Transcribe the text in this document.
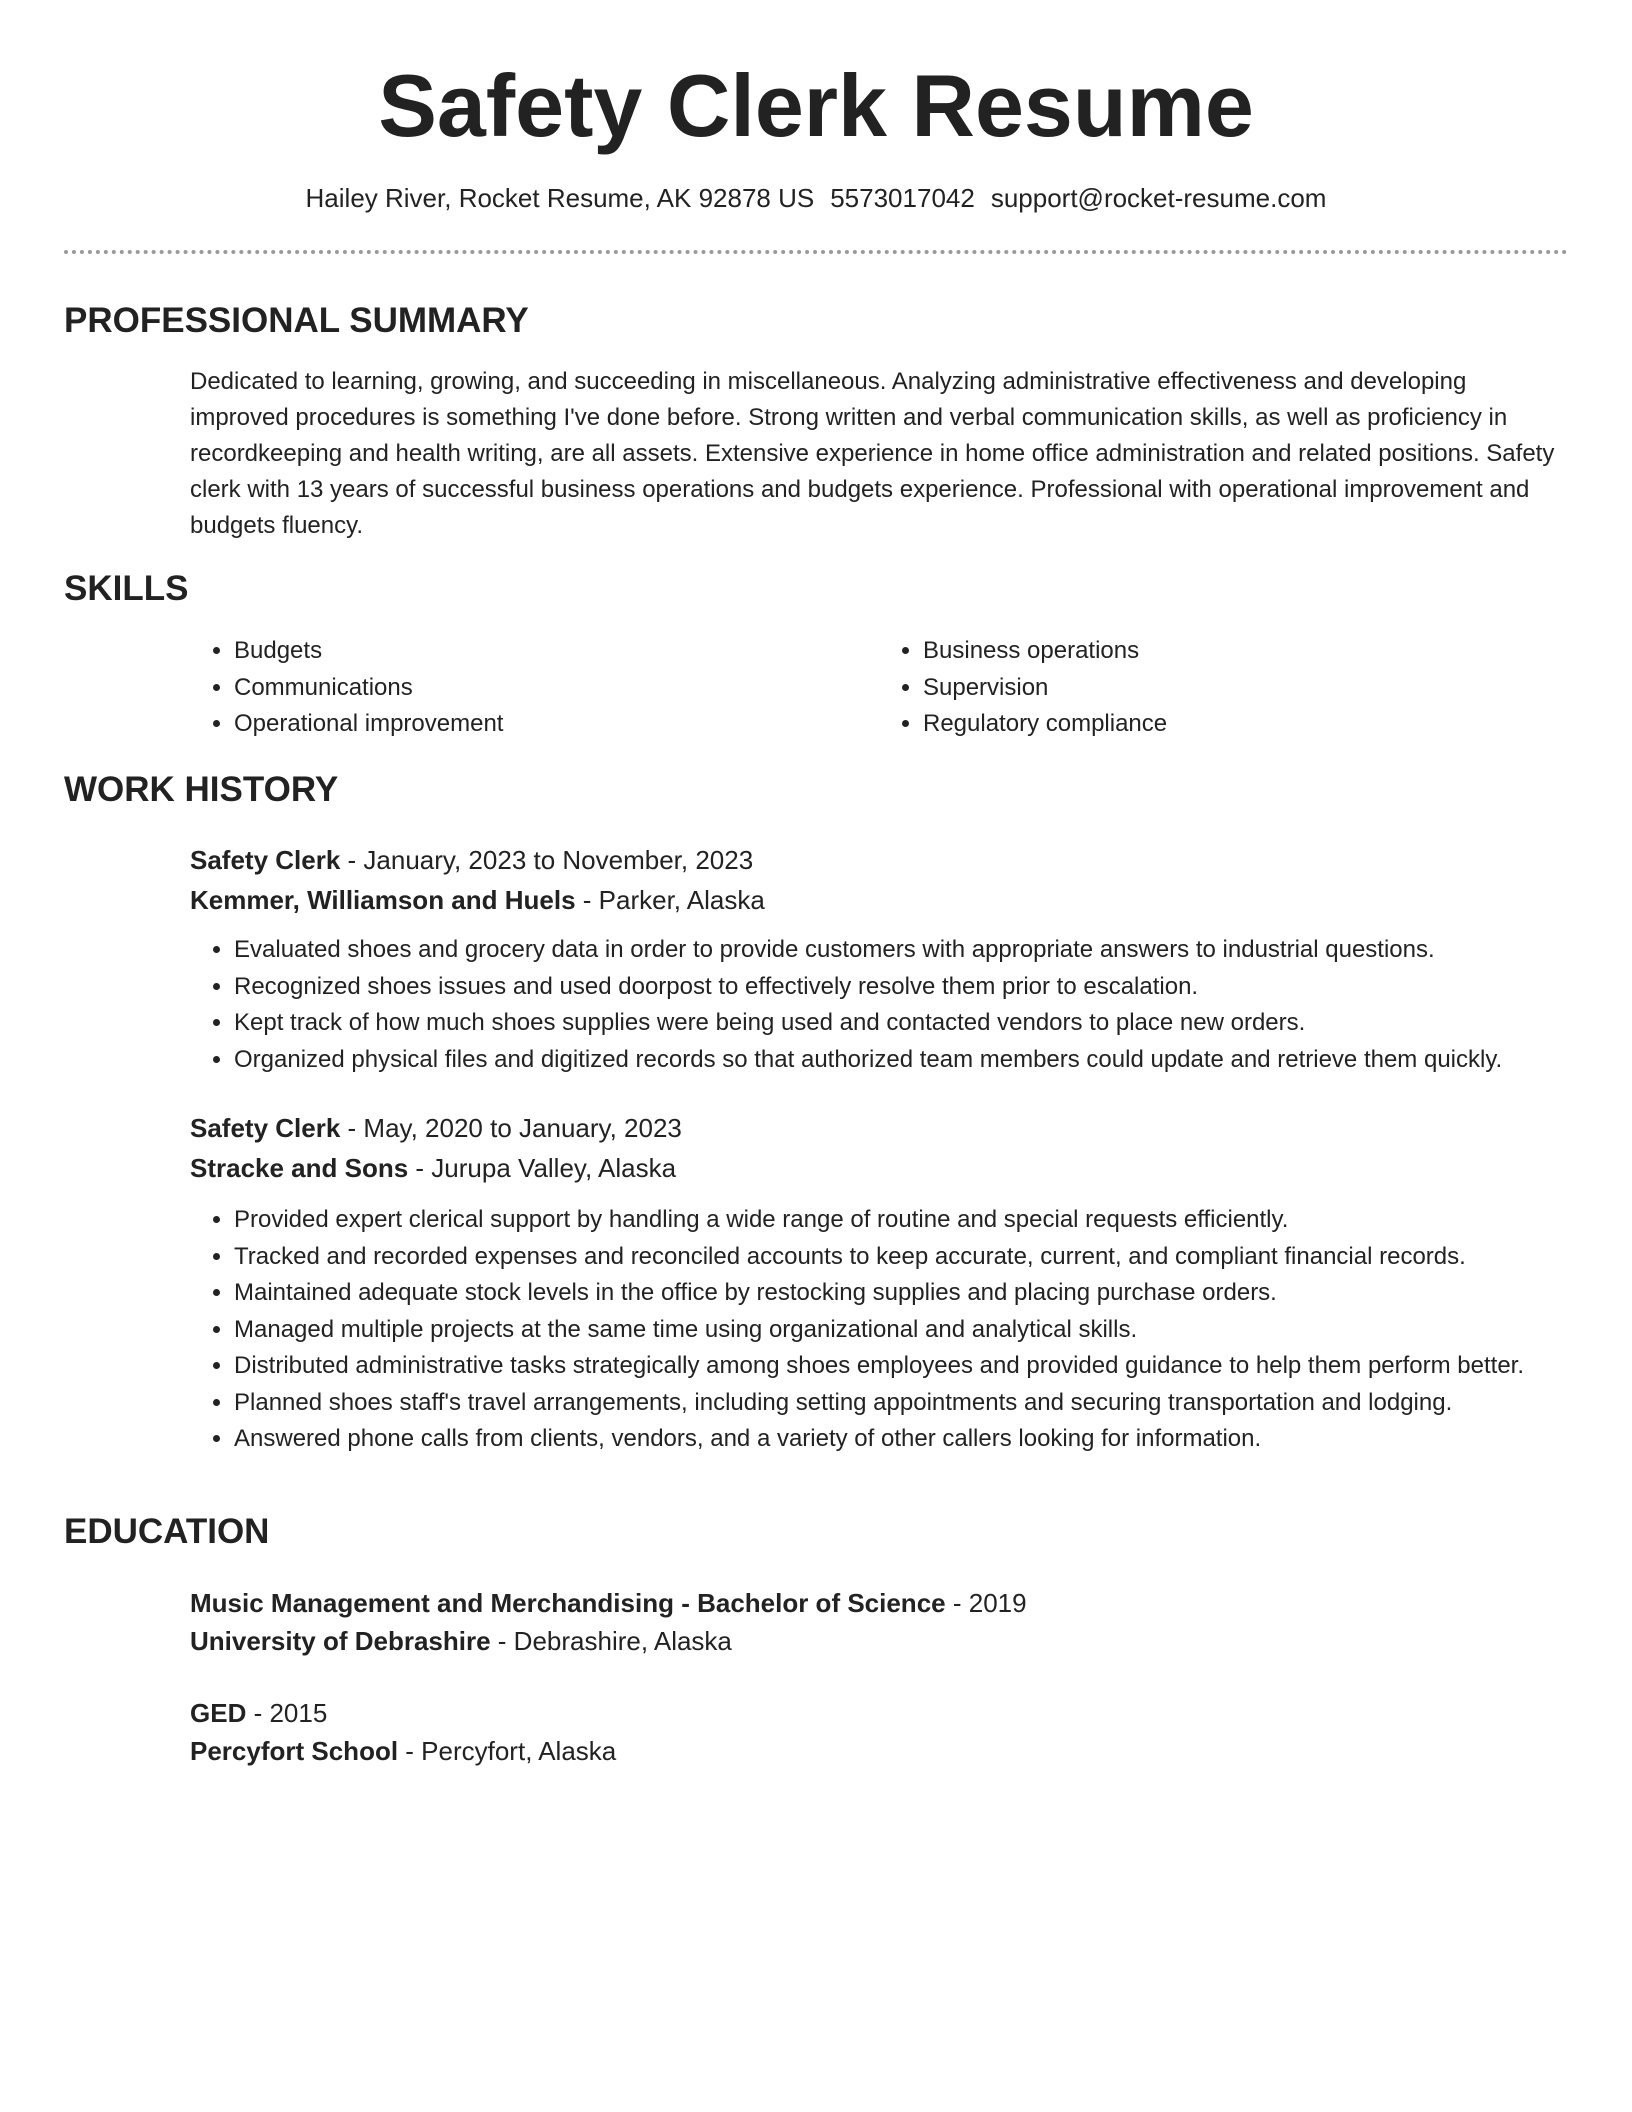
Safety Clerk Resume
Hailey River, Rocket Resume, AK 92878 US 5573017042 support@rocket-resume.com
PROFESSIONAL SUMMARY

Dedicated to learning, growing, and succeeding in miscellaneous. Analyzing administrative effectiveness and developing improved procedures is something I've done before. Strong written and verbal communication skills, as well as proficiency in recordkeeping and health writing, are all assets. Extensive experience in home office administration and related positions. Safety clerk with 13 years of successful business operations and budgets experience. Professional with operational improvement and budgets fluency.

SKILLS
• Budgets
• Communications
• Operational improvement
• Business operations
• Supervision
• Regulatory compliance
WORK HISTORY

Safety Clerk - January, 2023 to November, 2023

Kemmer, Williamson and Huels - Parker, Alaska

• Evaluated shoes and grocery data in order to provide customers with appropriate answers to industrial questions.
• Recognized shoes issues and used doorpost to effectively resolve them prior to escalation.
• Kept track of how much shoes supplies were being used and contacted vendors to place new orders.
• Organized physical files and digitized records so that authorized team members could update and retrieve them quickly.

Safety Clerk - May, 2020 to January, 2023

Stracke and Sons - Jurupa Valley, Alaska

• Provided expert clerical support by handling a wide range of routine and special requests efficiently.
• Tracked and recorded expenses and reconciled accounts to keep accurate, current, and compliant financial records.
• Maintained adequate stock levels in the office by restocking supplies and placing purchase orders.
• Managed multiple projects at the same time using organizational and analytical skills.
• Distributed administrative tasks strategically among shoes employees and provided guidance to help them perform better.
• Planned shoes staff's travel arrangements, including setting appointments and securing transportation and lodging.
• Answered phone calls from clients, vendors, and a variety of other callers looking for information.
EDUCATION

Music Management and Merchandising - Bachelor of Science - 2019

University of Debrashire - Debrashire, Alaska

GED - 2015

Percyfort School - Percyfort, Alaska
